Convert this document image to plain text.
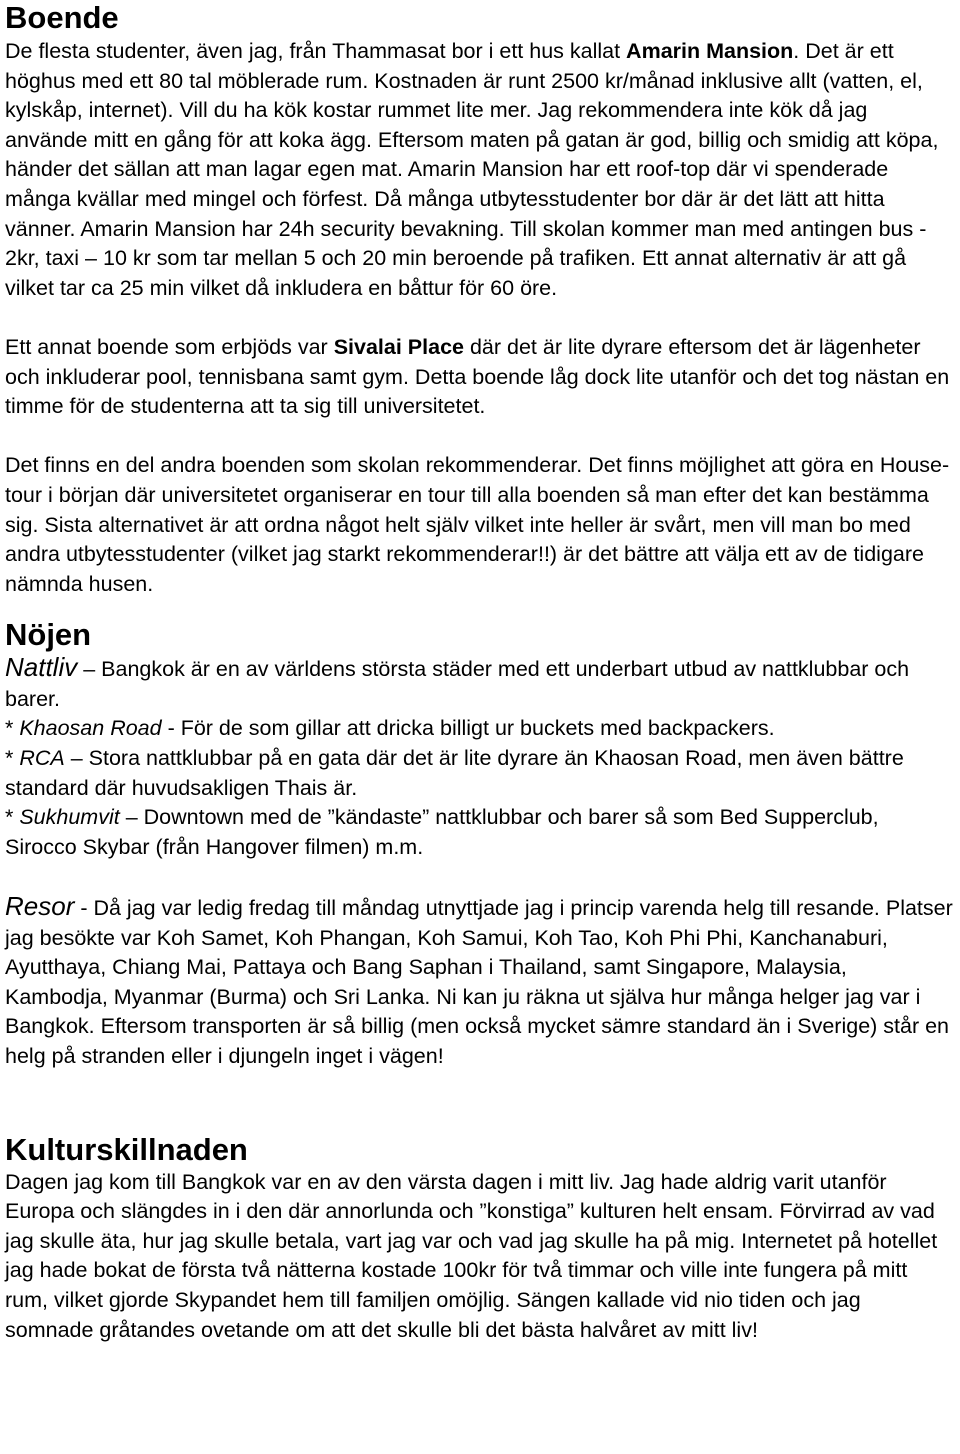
Boende

De flesta studenter, även jag, från Thammasat bor i ett hus kallat Amarin Mansion. Det är ett höghus med ett 80 tal möblerade rum. Kostnaden är runt 2500 kr/månad inklusive allt (vatten, el, kylskåp, internet). Vill du ha kök kostar rummet lite mer. Jag rekommendera inte kök då jag använde mitt en gång för att koka ägg. Eftersom maten på gatan är god, billig och smidig att köpa, händer det sällan att man lagar egen mat. Amarin Mansion har ett roof-top där vi spenderade många kvällar med mingel och förfest. Då många utbytesstudenter bor där är det lätt att hitta vänner. Amarin Mansion har 24h security bevakning. Till skolan kommer man med antingen bus - 2kr, taxi – 10 kr som tar mellan 5 och 20 min beroende på trafiken. Ett annat alternativ är att gå vilket tar ca 25 min vilket då inkludera en båttur för 60 öre.

Ett annat boende som erbjöds var Sivalai Place där det är lite dyrare eftersom det är lägenheter och inkluderar pool, tennisbana samt gym. Detta boende låg dock lite utanför och det tog nästan en timme för de studenterna att ta sig till universitetet.

Det finns en del andra boenden som skolan rekommenderar. Det finns möjlighet att göra en House-tour i början där universitetet organiserar en tour till alla boenden så man efter det kan bestämma sig. Sista alternativet är att ordna något helt själv vilket inte heller är svårt, men vill man bo med andra utbytesstudenter (vilket jag starkt rekommenderar!!) är det bättre att välja ett av de tidigare nämnda husen.

Nöjen

Nattliv – Bangkok är en av världens största städer med ett underbart utbud av nattklubbar och barer.

* Khaosan Road - För de som gillar att dricka billigt ur buckets med backpackers.

* RCA – Stora nattklubbar på en gata där det är lite dyrare än Khaosan Road, men även bättre standard där huvudsakligen Thais är.

* Sukhumvit – Downtown med de ”kändaste” nattklubbar och barer så som Bed Supperclub, Sirocco Skybar (från Hangover filmen) m.m.

Resor - Då jag var ledig fredag till måndag utnyttjade jag i princip varenda helg till resande. Platser jag besökte var Koh Samet, Koh Phangan, Koh Samui, Koh Tao, Koh Phi Phi, Kanchanaburi, Ayutthaya, Chiang Mai, Pattaya och Bang Saphan i Thailand, samt Singapore, Malaysia, Kambodja, Myanmar (Burma) och Sri Lanka. Ni kan ju räkna ut själva hur många helger jag var i Bangkok. Eftersom transporten är så billig (men också mycket sämre standard än i Sverige) står en helg på stranden eller i djungeln inget i vägen!

Kulturskillnaden

Dagen jag kom till Bangkok var en av den värsta dagen i mitt liv. Jag hade aldrig varit utanför Europa och slängdes in i den där annorlunda och ”konstiga” kulturen helt ensam. Förvirrad av vad jag skulle äta, hur jag skulle betala, vart jag var och vad jag skulle ha på mig. Internetet på hotellet jag hade bokat de första två nätterna kostade 100kr för två timmar och ville inte fungera på mitt rum, vilket gjorde Skypandet hem till familjen omöjlig. Sängen kallade vid nio tiden och jag somnade gråtandes ovetande om att det skulle bli det bästa halvåret av mitt liv!
